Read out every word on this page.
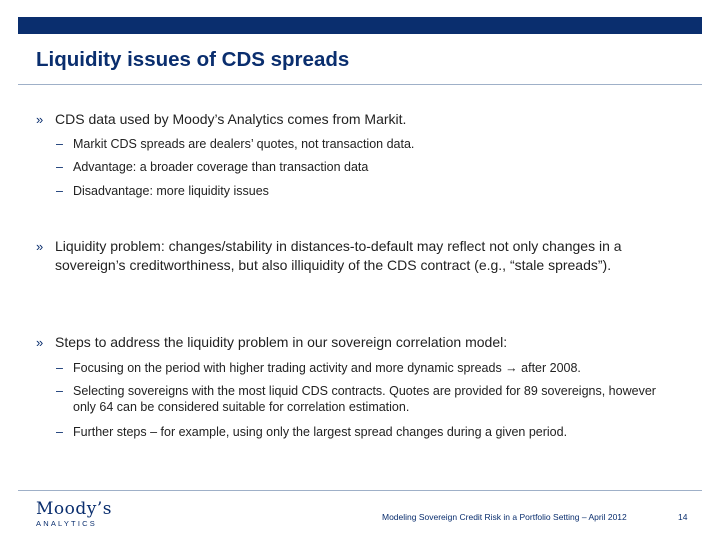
Liquidity issues of CDS spreads
» CDS data used by Moody’s Analytics comes from Markit.
– Markit CDS spreads are dealers’ quotes, not transaction data.
– Advantage: a broader coverage than transaction data
– Disadvantage: more liquidity issues
» Liquidity problem: changes/stability in distances-to-default may reflect not only changes in a sovereign’s creditworthiness, but also illiquidity of the CDS contract (e.g., “stale spreads”).
» Steps to address the liquidity problem in our sovereign correlation model:
– Focusing on the period with higher trading activity and more dynamic spreads → after 2008.
– Selecting sovereigns with the most liquid CDS contracts. Quotes are provided for 89 sovereigns, however only 64 can be considered suitable for correlation estimation.
– Further steps – for example, using only the largest spread changes during a given period.
Moody’s
ANALYTICS
Modeling Sovereign Credit Risk in a Portfolio Setting – April 2012	14
